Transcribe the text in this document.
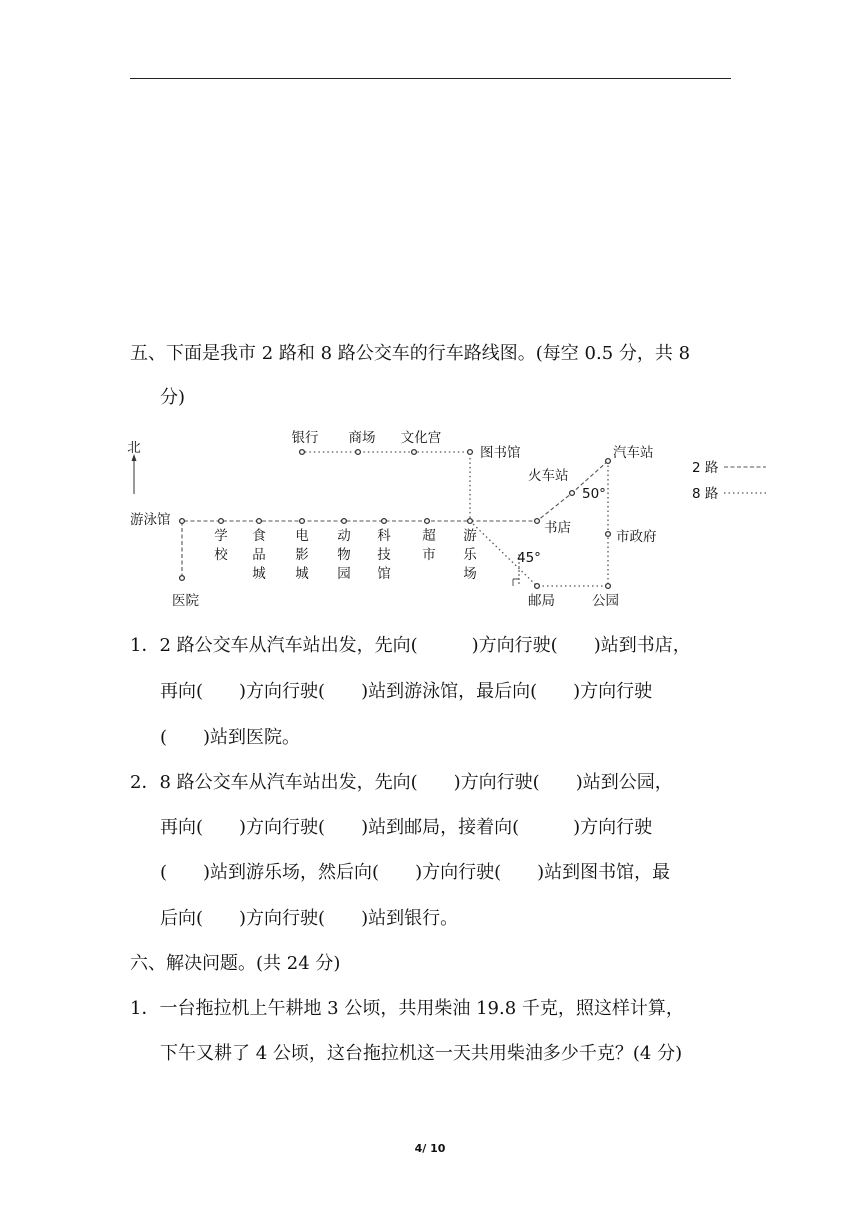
五、下面是我市 2 路和 8 路公交车的行车路线图。(每空 0.5 分，共 8
分)
北
银行 商场 文化宫
图书馆	汽车站
火车站
50°
游泳馆	书店
市政府
45°
医院	邮局	公园
学
校
食
品
城
电
影
城
动
物
园
科
技
馆
超
市
游
乐
场
2 路
8 路
1．2 路公交车从汽车站出发，先向(　　　)方向行驶(　　)站到书店，
再向(　　)方向行驶(　　)站到游泳馆，最后向(　　)方向行驶
(　　)站到医院。
2．8 路公交车从汽车站出发，先向(　　)方向行驶(　　)站到公园，
再向(　　)方向行驶(　　)站到邮局，接着向(　　　)方向行驶
(　　)站到游乐场，然后向(　　)方向行驶(　　)站到图书馆，最
后向(　　)方向行驶(　　)站到银行。
六、解决问题。(共 24 分)
1．一台拖拉机上午耕地 3 公顷，共用柴油 19.8 千克，照这样计算，
下午又耕了 4 公顷，这台拖拉机这一天共用柴油多少千克？(4 分)
4/ 10
